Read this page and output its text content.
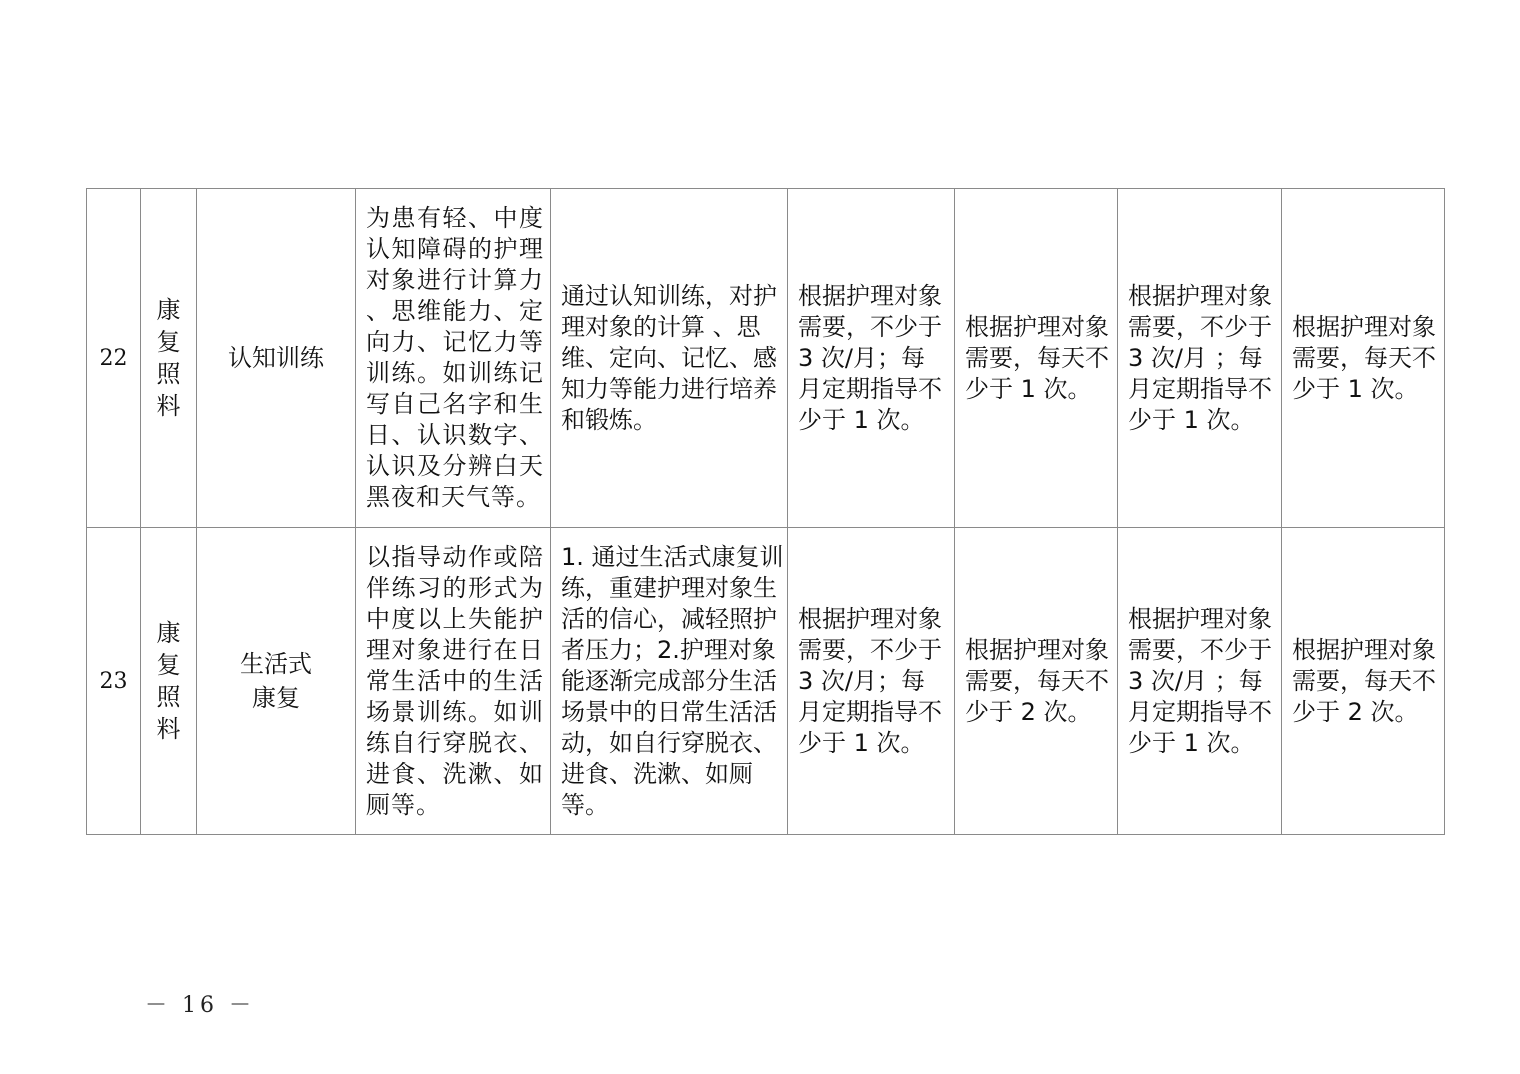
22	康复照料	认知训练	为患有轻、中度认知障碍的护理对象进行计算力 、思维能力、定向力、记忆力等训练。如训练记写自己名字和生日、认识数字、认识及分辨白天黑夜和天气等。	通过认知训练，对护理对象的计算 、思维、定向、记忆、感知力等能力进行培养和锻炼。	根据护理对象需要，不少于3 次/月；每月定期指导不少于 1 次。	根据护理对象需要，每天不少于 1 次。	根据护理对象需要，不少于 3 次/月 ；每月定期指导不少于 1 次。	根据护理对象需要，每天不少于 1 次。
23	康复照料	生活式康复	以指导动作或陪伴练习的形式为中度以上失能护理对象进行在日常生活中的生活场景训练。如训练自行穿脱衣、进食、洗漱、如厕等。	1. 通过生活式康复训练，重建护理对象生活的信心，减轻照护者压力；2.护理对象能逐渐完成部分生活场景中的日常生活活动，如自行穿脱衣、进食、洗漱、如厕等。	根据护理对象需要，不少于3 次/月；每月定期指导不少于 1 次。	根据护理对象需要，每天不少于 2 次。	根据护理对象需要，不少于 3 次/月 ；每月定期指导不少于 1 次。	根据护理对象需要，每天不少于 2 次。
－ 16 －
